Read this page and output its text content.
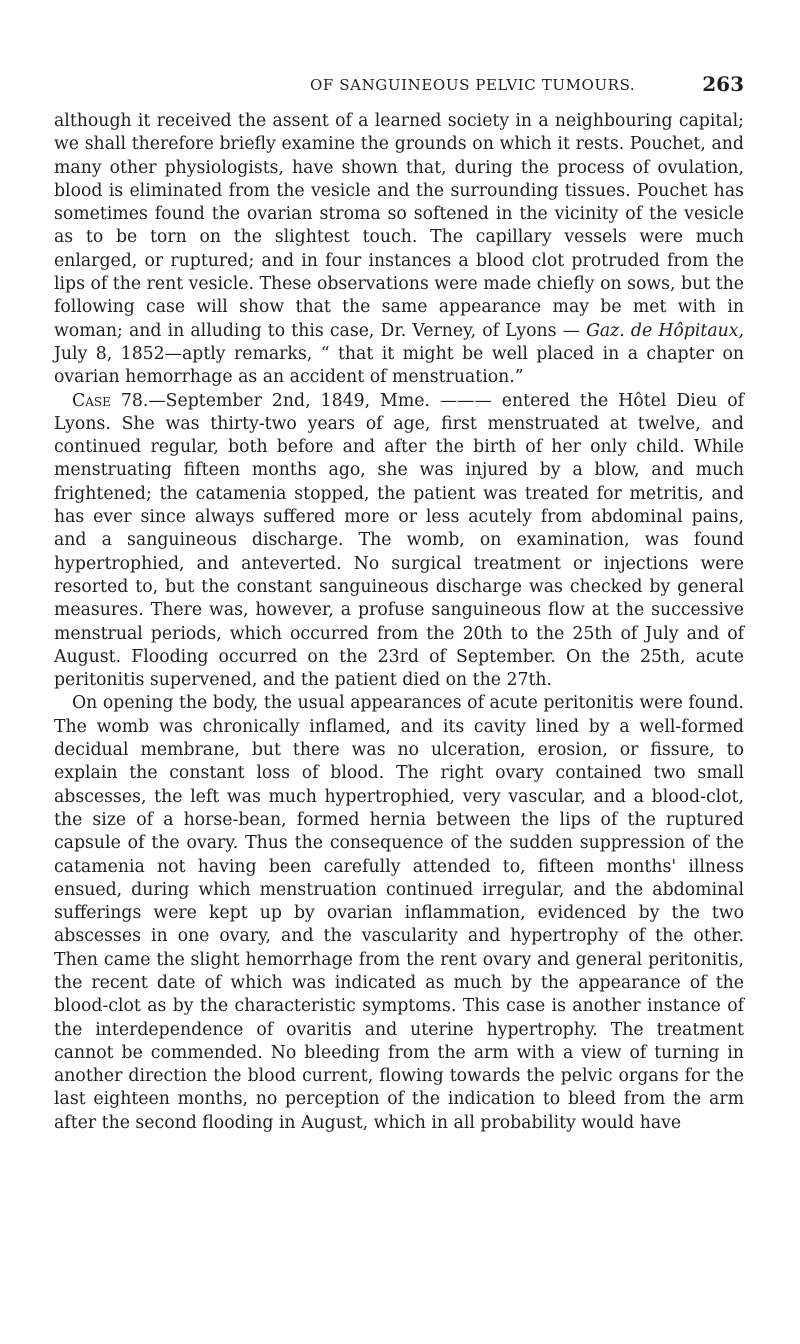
OF SANGUINEOUS PELVIC TUMOURS.	263

although it received the assent of a learned society in a neighbouring capital; we shall therefore briefly examine the grounds on which it rests. Pouchet, and many other physiologists, have shown that, during the process of ovulation, blood is eliminated from the vesicle and the surrounding tissues. Pouchet has sometimes found the ovarian stroma so softened in the vicinity of the vesicle as to be torn on the slightest touch. The capillary vessels were much enlarged, or ruptured; and in four instances a blood clot protruded from the lips of the rent vesicle. These observations were made chiefly on sows, but the following case will show that the same appearance may be met with in woman; and in alluding to this case, Dr. Verney, of Lyons — Gaz. de Hôpitaux, July 8, 1852—aptly remarks, “ that it might be well placed in a chapter on ovarian hemorrhage as an accident of menstruation.”

Case 78.—September 2nd, 1849, Mme. ——— entered the Hôtel Dieu of Lyons. She was thirty-two years of age, first menstruated at twelve, and continued regular, both before and after the birth of her only child. While menstruating fifteen months ago, she was injured by a blow, and much frightened; the catamenia stopped, the patient was treated for metritis, and has ever since always suffered more or less acutely from abdominal pains, and a sanguineous discharge. The womb, on examination, was found hypertrophied, and anteverted. No surgical treatment or injections were resorted to, but the constant sanguineous discharge was checked by general measures. There was, however, a profuse sanguineous flow at the successive menstrual periods, which occurred from the 20th to the 25th of July and of August. Flooding occurred on the 23rd of September. On the 25th, acute peritonitis supervened, and the patient died on the 27th.

On opening the body, the usual appearances of acute peritonitis were found. The womb was chronically inflamed, and its cavity lined by a well-formed decidual membrane, but there was no ulceration, erosion, or fissure, to explain the constant loss of blood. The right ovary contained two small abscesses, the left was much hypertrophied, very vascular, and a blood-clot, the size of a horse-bean, formed hernia between the lips of the ruptured capsule of the ovary. Thus the consequence of the sudden suppression of the catamenia not having been carefully attended to, fifteen months' illness ensued, during which menstruation continued irregular, and the abdominal sufferings were kept up by ovarian inflammation, evidenced by the two abscesses in one ovary, and the vascularity and hypertrophy of the other. Then came the slight hemorrhage from the rent ovary and general peritonitis, the recent date of which was indicated as much by the appearance of the blood-clot as by the characteristic symptoms. This case is another instance of the interdependence of ovaritis and uterine hypertrophy. The treatment cannot be commended. No bleeding from the arm with a view of turning in another direction the blood current, flowing towards the pelvic organs for the last eighteen months, no perception of the indication to bleed from the arm after the second flooding in August, which in all probability would have
